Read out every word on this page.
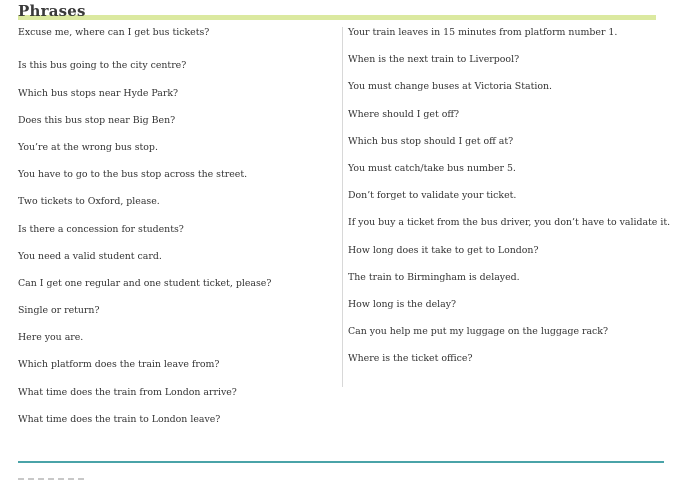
Phrases

Excuse me, where can I get bus tickets?

Is this bus going to the city centre?

Which bus stops near Hyde Park?

Does this bus stop near Big Ben?

You’re at the wrong bus stop.

You have to go to the bus stop across the street.

Two tickets to Oxford, please.

Is there a concession for students?

You need a valid student card.

Can I get one regular and one student ticket, please?

Single or return?

Here you are.

Which platform does the train leave from?

What time does the train from London arrive?

What time does the train to London leave?

Your train leaves in 15 minutes from platform number 1.

When is the next train to Liverpool?

You must change buses at Victoria Station.

Where should I get off?

Which bus stop should I get off at?

You must catch/take bus number 5.

Don’t forget to validate your ticket.

If you buy a ticket from the bus driver, you don’t have to validate it.

How long does it take to get to London?

The train to Birmingham is delayed.

How long is the delay?

Can you help me put my luggage on the luggage rack?

Where is the ticket office?
